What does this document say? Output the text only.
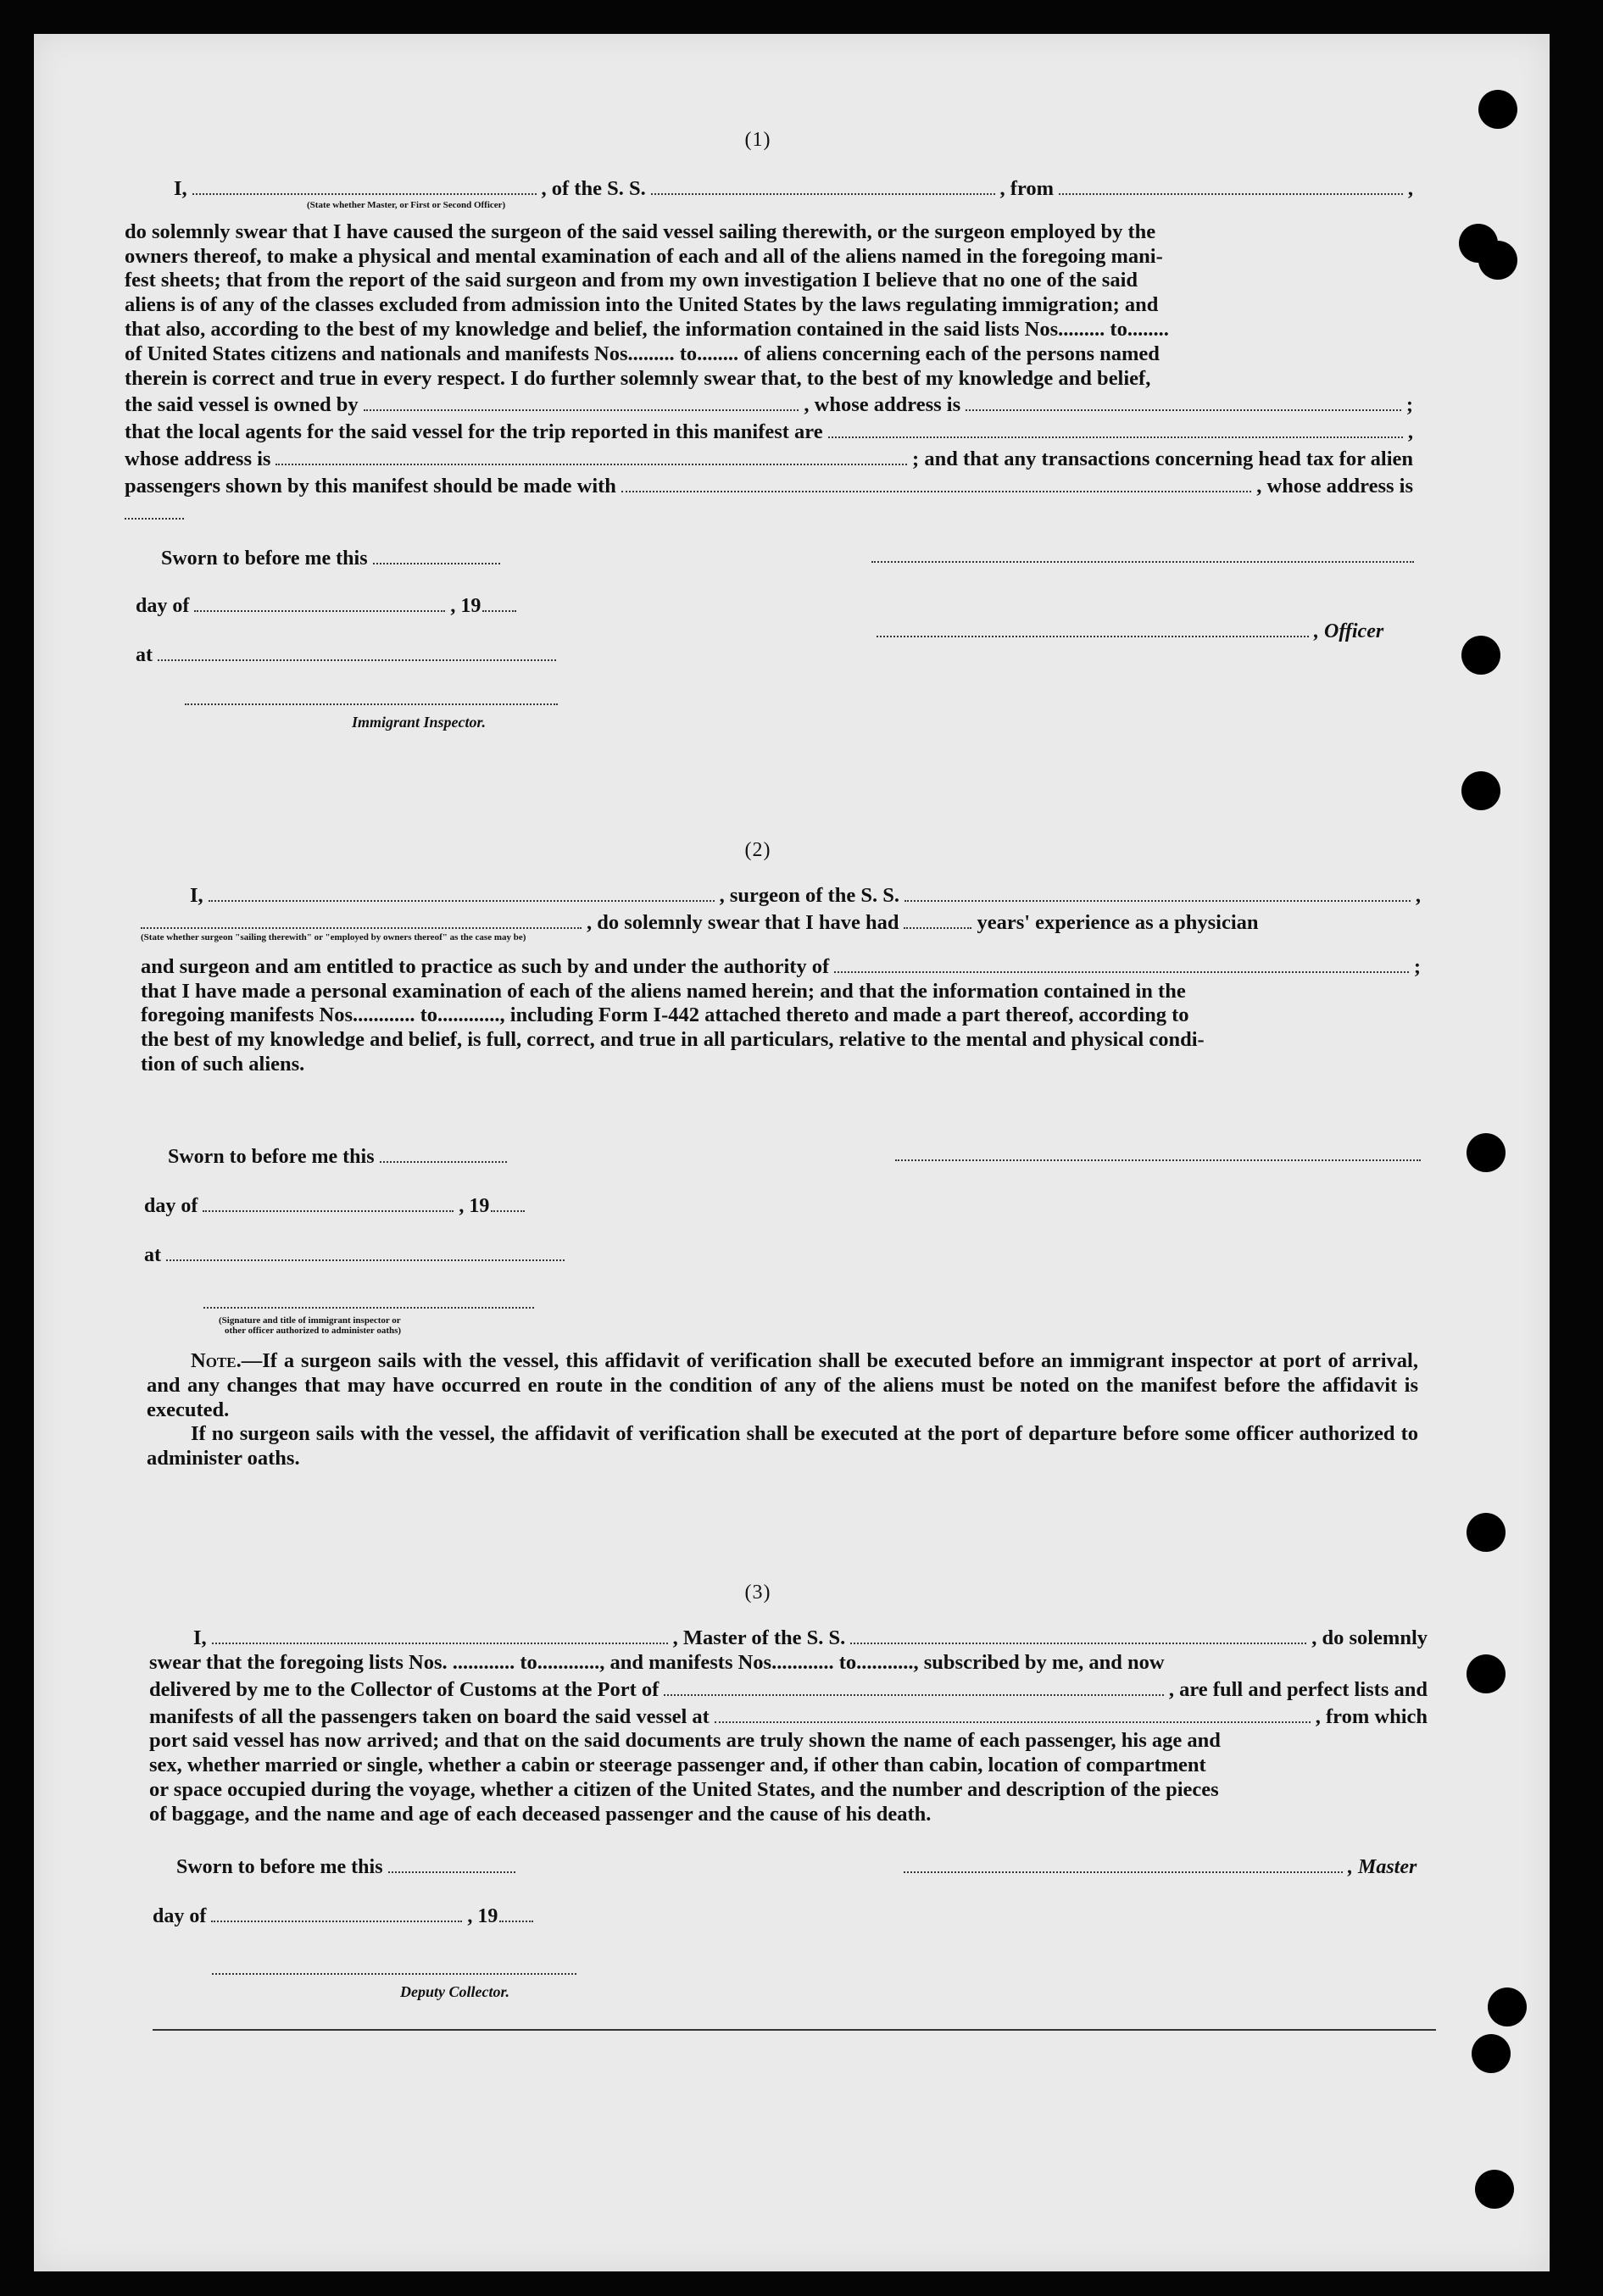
(1)
I,	, of the S. S.	, from	,
(State whether Master, or First or Second Officer)

do solemnly swear that I have caused the surgeon of the said vessel sailing therewith, or the surgeon employed by the

owners thereof, to make a physical and mental examination of each and all of the aliens named in the foregoing mani-

fest sheets; that from the report of the said surgeon and from my own investigation I believe that no one of the said

aliens is of any of the classes excluded from admission into the United States by the laws regulating immigration; and

that also, according to the best of my knowledge and belief, the information contained in the said lists Nos......... to........

of United States citizens and nationals and manifests Nos......... to........ of aliens concerning each of the persons named

therein is correct and true in every respect. I do further solemnly swear that, to the best of my knowledge and belief,

the said vessel is owned by	, whose address is	;
that the local agents for the said vessel for the trip reported in this manifest are	,
whose address is	; and that any transactions concerning head tax for alien
passengers shown by this manifest should be made with	, whose address is
Sworn to before me this
day of	, 19
, Officer
at
Immigrant Inspector.
(2)
I,	, surgeon of the S. S.	,
, do solemnly swear that I have had	years' experience as a physician
(State whether surgeon "sailing therewith" or "employed by owners thereof" as the case may be)
and surgeon and am entitled to practice as such by and under the authority of	;

that I have made a personal examination of each of the aliens named herein; and that the information contained in the

foregoing manifests Nos............ to............, including Form I-442 attached thereto and made a part thereof, according to

the best of my knowledge and belief, is full, correct, and true in all particulars, relative to the mental and physical condi-

tion of such aliens.

Sworn to before me this
day of	, 19
at
(Signature and title of immigrant inspector or
other officer authorized to administer oaths)

Note.—If a surgeon sails with the vessel, this affidavit of verification shall be executed before an immigrant inspector at port of arrival, and any changes that may have occurred en route in the condition of any of the aliens must be noted on the manifest before the affidavit is executed.

If no surgeon sails with the vessel, the affidavit of verification shall be executed at the port of departure before some officer authorized to administer oaths.

(3)
I,	, Master of the S. S.	, do solemnly

swear that the foregoing lists Nos. ............ to............, and manifests Nos............ to..........., subscribed by me, and now

delivered by me to the Collector of Customs at the Port of	, are full and perfect lists and
manifests of all the passengers taken on board the said vessel at	, from which

port said vessel has now arrived; and that on the said documents are truly shown the name of each passenger, his age and

sex, whether married or single, whether a cabin or steerage passenger and, if other than cabin, location of compartment

or space occupied during the voyage, whether a citizen of the United States, and the number and description of the pieces

of baggage, and the name and age of each deceased passenger and the cause of his death.

Sworn to before me this	, Master
day of	, 19
Deputy Collector.
